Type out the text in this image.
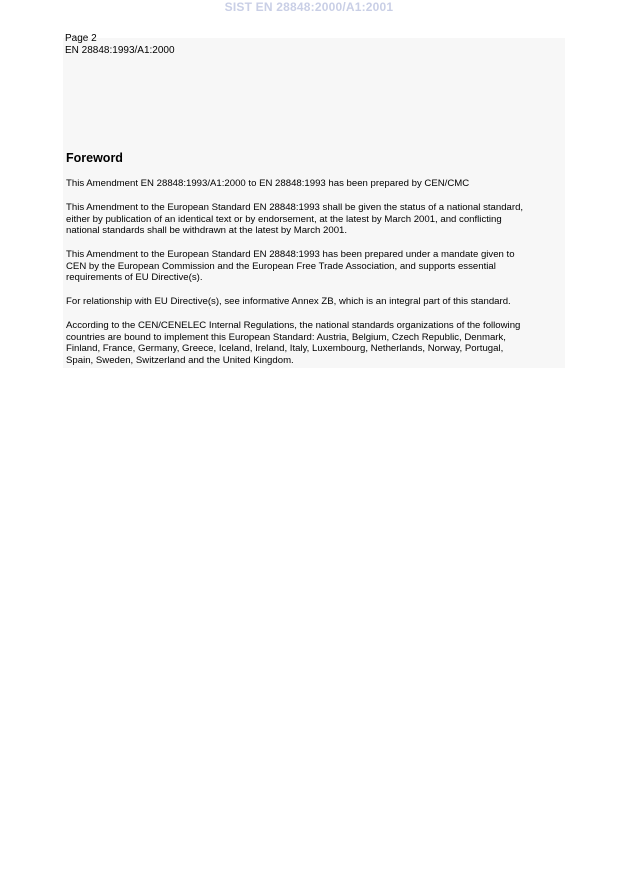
SIST EN 28848:2000/A1:2001
Page 2
EN 28848:1993/A1:2000
Foreword
This Amendment EN 28848:1993/A1:2000 to EN 28848:1993 has been prepared by CEN/CMC
This Amendment to the European Standard EN 28848:1993 shall be given the status of a national standard,
either by publication of an identical text or by endorsement, at the latest by March 2001, and conflicting
national standards shall be withdrawn at the latest by March 2001.
This Amendment to the European Standard EN 28848:1993 has been prepared under a mandate given to
CEN by the European Commission and the European Free Trade Association, and supports essential
requirements of EU Directive(s).
For relationship with EU Directive(s), see informative Annex ZB, which is an integral part of this standard.
According to the CEN/CENELEC Internal Regulations, the national standards organizations of the following
countries are bound to implement this European Standard: Austria, Belgium, Czech Republic, Denmark,
Finland, France, Germany, Greece, Iceland, Ireland, Italy, Luxembourg, Netherlands, Norway, Portugal,
Spain, Sweden, Switzerland and the United Kingdom.
